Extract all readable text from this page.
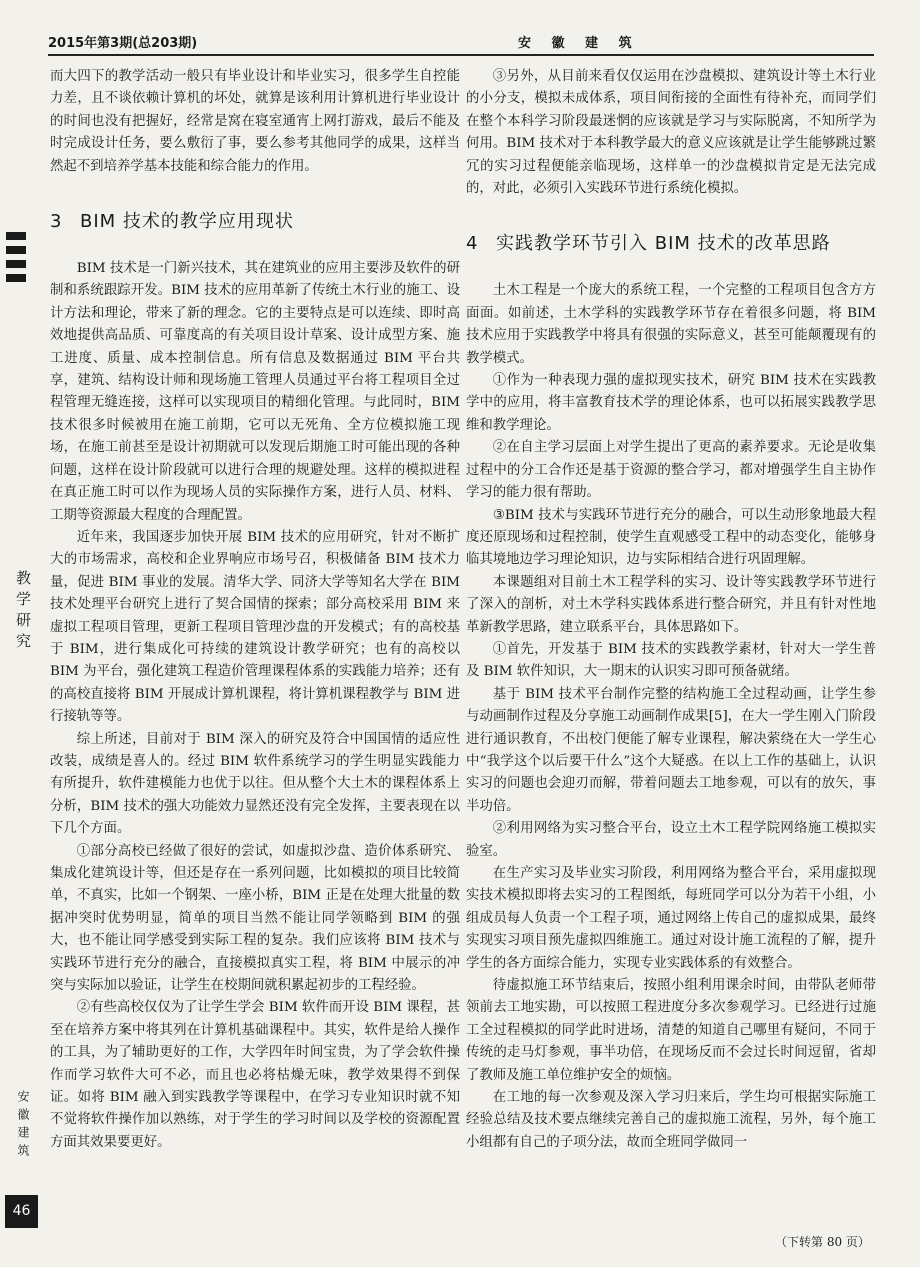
2015年第3期(总203期)	安 徽 建 筑
教学研究
安徽建筑
46

而大四下的教学活动一般只有毕业设计和毕业实习，很多学生自控能力差，且不谈依赖计算机的坏处，就算是该利用计算机进行毕业设计的时间也没有把握好，经常是窝在寝室通宵上网打游戏，最后不能及时完成设计任务，要么敷衍了事，要么参考其他同学的成果，这样当然起不到培养学基本技能和综合能力的作用。

3 BIM 技术的教学应用现状

BIM 技术是一门新兴技术，其在建筑业的应用主要涉及软件的研制和系统跟踪开发。BIM 技术的应用革新了传统土木行业的施工、设计方法和理论，带来了新的理念。它的主要特点是可以连续、即时高效地提供高品质、可靠度高的有关项目设计草案、设计成型方案、施工进度、质量、成本控制信息。所有信息及数据通过 BIM 平台共享，建筑、结构设计师和现场施工管理人员通过平台将工程项目全过程管理无缝连接，这样可以实现项目的精细化管理。与此同时，BIM 技术很多时候被用在施工前期，它可以无死角、全方位模拟施工现场，在施工前甚至是设计初期就可以发现后期施工时可能出现的各种问题，这样在设计阶段就可以进行合理的规避处理。这样的模拟进程在真正施工时可以作为现场人员的实际操作方案，进行人员、材料、工期等资源最大程度的合理配置。

近年来，我国逐步加快开展 BIM 技术的应用研究，针对不断扩大的市场需求，高校和企业界响应市场号召，积极储备 BIM 技术力量，促进 BIM 事业的发展。清华大学、同济大学等知名大学在 BIM 技术处理平台研究上进行了契合国情的探索；部分高校采用 BIM 来虚拟工程项目管理，更新工程项目管理沙盘的开发模式；有的高校基于 BIM，进行集成化可持续的建筑设计教学研究；也有的高校以 BIM 为平台，强化建筑工程造价管理课程体系的实践能力培养；还有的高校直接将 BIM 开展成计算机课程，将计算机课程教学与 BIM 进行接轨等等。

综上所述，目前对于 BIM 深入的研究及符合中国国情的适应性改装，成绩是喜人的。经过 BIM 软件系统学习的学生明显实践能力有所提升，软件建模能力也优于以往。但从整个大土木的课程体系上分析，BIM 技术的强大功能效力显然还没有完全发挥，主要表现在以下几个方面。

①部分高校已经做了很好的尝试，如虚拟沙盘、造价体系研究、集成化建筑设计等，但还是存在一系列问题，比如模拟的项目比较简单，不真实，比如一个钢架、一座小桥，BIM 正是在处理大批量的数据冲突时优势明显，简单的项目当然不能让同学领略到 BIM 的强大，也不能让同学感受到实际工程的复杂。我们应该将 BIM 技术与实践环节进行充分的融合，直接模拟真实工程，将 BIM 中展示的冲突与实际加以验证，让学生在校期间就积累起初步的工程经验。

②有些高校仅仅为了让学生学会 BIM 软件而开设 BIM 课程，甚至在培养方案中将其列在计算机基础课程中。其实，软件是给人操作的工具，为了辅助更好的工作，大学四年时间宝贵，为了学会软件操作而学习软件大可不必，而且也必将枯燥无味，教学效果得不到保证。如将 BIM 融入到实践教学等课程中，在学习专业知识时就不知不觉将软件操作加以熟练，对于学生的学习时间以及学校的资源配置方面其效果要更好。

③另外，从目前来看仅仅运用在沙盘模拟、建筑设计等土木行业的小分支，模拟未成体系，项目间衔接的全面性有待补充，而同学们在整个本科学习阶段最迷惘的应该就是学习与实际脱离，不知所学为何用。BIM 技术对于本科教学最大的意义应该就是让学生能够跳过繁冗的实习过程便能亲临现场，这样单一的沙盘模拟肯定是无法完成的，对此，必须引入实践环节进行系统化模拟。

4 实践教学环节引入 BIM 技术的改革思路

土木工程是一个庞大的系统工程，一个完整的工程项目包含方方面面。如前述，土木学科的实践教学环节存在着很多问题，将 BIM 技术应用于实践教学中将具有很强的实际意义，甚至可能颠覆现有的教学模式。

①作为一种表现力强的虚拟现实技术，研究 BIM 技术在实践教学中的应用，将丰富教育技术学的理论体系，也可以拓展实践教学思维和教学理论。

②在自主学习层面上对学生提出了更高的素养要求。无论是收集过程中的分工合作还是基于资源的整合学习，都对增强学生自主协作学习的能力很有帮助。

③BIM 技术与实践环节进行充分的融合，可以生动形象地最大程度还原现场和过程控制，使学生直观感受工程中的动态变化，能够身临其境地边学习理论知识，边与实际相结合进行巩固理解。

本课题组对目前土木工程学科的实习、设计等实践教学环节进行了深入的剖析，对土木学科实践体系进行整合研究，并且有针对性地革新教学思路，建立联系平台，具体思路如下。

①首先，开发基于 BIM 技术的实践教学素材，针对大一学生普及 BIM 软件知识，大一期末的认识实习即可预备就绪。

基于 BIM 技术平台制作完整的结构施工全过程动画，让学生参与动画制作过程及分享施工动画制作成果[5]，在大一学生刚入门阶段进行通识教育，不出校门便能了解专业课程，解决萦绕在大一学生心中“我学这个以后要干什么”这个大疑惑。在以上工作的基础上，认识实习的问题也会迎刃而解，带着问题去工地参观，可以有的放矢，事半功倍。

②利用网络为实习整合平台，设立土木工程学院网络施工模拟实验室。

在生产实习及毕业实习阶段，利用网络为整合平台，采用虚拟现实技术模拟即将去实习的工程图纸，每班同学可以分为若干小组，小组成员每人负责一个工程子项，通过网络上传自己的虚拟成果，最终实现实习项目预先虚拟四维施工。通过对设计施工流程的了解，提升学生的各方面综合能力，实现专业实践体系的有效整合。

待虚拟施工环节结束后，按照小组利用课余时间，由带队老师带领前去工地实勘，可以按照工程进度分多次参观学习。已经进行过施工全过程模拟的同学此时进场，清楚的知道自己哪里有疑问，不同于传统的走马灯参观，事半功倍，在现场反而不会过长时间逗留，省却了教师及施工单位维护安全的烦恼。

在工地的每一次参观及深入学习归来后，学生均可根据实际施工经验总结及技术要点继续完善自己的虚拟施工流程，另外，每个施工小组都有自己的子项分法，故而全班同学做同一

（下转第 80 页）
